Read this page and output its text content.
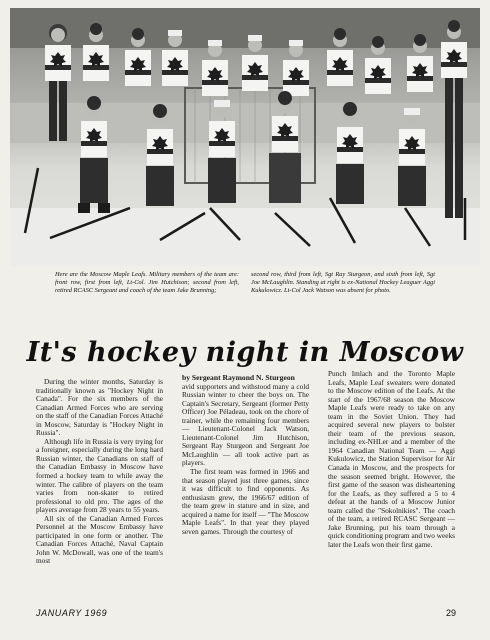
Here are the Moscow Maple Leafs. Military members of the team are: front row, first from left, Lt-Col. Jim Hutchison; second from left, retired RCASC Sergeant and coach of the team Jake Brunning;
second row, third from left, Sgt Ray Sturgeon, and sixth from left, Sgt Joe McLaughlin. Standing at right is ex-National Hockey Leaguer Aggi Kukulowicz. Lt-Col Jack Watson was absent for photo.
It's hockey night in Moscow

During the winter months, Saturday is traditionally known as "Hockey Night in Canada". For the six members of the Canadian Armed Forces who are serving on the staff of the Canadian Forces Attaché in Moscow, Saturday is "Hockey Night in Russia".

Although life in Russia is very trying for a foreigner, especially during the long hard Russian winter, the Canadians on staff of the Canadian Embassy in Moscow have formed a hockey team to while away the winter. The calibre of players on the team varies from non-skater to retired professional to old pro. The ages of the players average from 28 years to 55 years.

All six of the Canadian Armed Forces Personnel at the Moscow Embassy have participated in one form or another. The Canadian Forces Attaché, Naval Captain John W. McDowall, was one of the team's most

by Sergeant Raymond N. Sturgeon

avid supporters and withstood many a cold Russian winter to cheer the boys on. The Captain's Secretary, Sergeant (former Petty Officer) Joe Péladeau, took on the chore of trainer, while the remaining four members — Lieutenant-Colonel Jack Watson, Lieutenant-Colonel Jim Hutchison, Sergeant Ray Sturgeon and Sergeant Joe McLaughlin — all took active part as players.

The first team was formed in 1966 and that season played just three games, since it was difficult to find opponents. As enthusiasm grew, the 1966/67 edition of the team grew in stature and in size, and acquired a name for itself — "The Moscow Maple Leafs". In that year they played seven games. Through the courtesy of

Punch Imlach and the Toronto Maple Leafs, Maple Leaf sweaters were donated to the Moscow edition of the Leafs. At the start of the 1967/68 season the Moscow Maple Leafs were ready to take on any team in the Soviet Union. They had acquired several new players to bolster their team of the previous season, including ex-NHLer and a member of the 1964 Canadian National Team — Aggi Kukulowicz, the Station Supervisor for Air Canada in Moscow, and the prospects for the season seemed bright. However, the first game of the season was disheartening for the Leafs, as they suffered a 5 to 4 defeat at the hands of a Moscow Junior team called the "Sokolnikies". The coach of the team, a retired RCASC Sergeant — Jake Brunning, put his team through a quick conditioning program and two weeks later the Leafs won their first game.

JANUARY 1969	29
